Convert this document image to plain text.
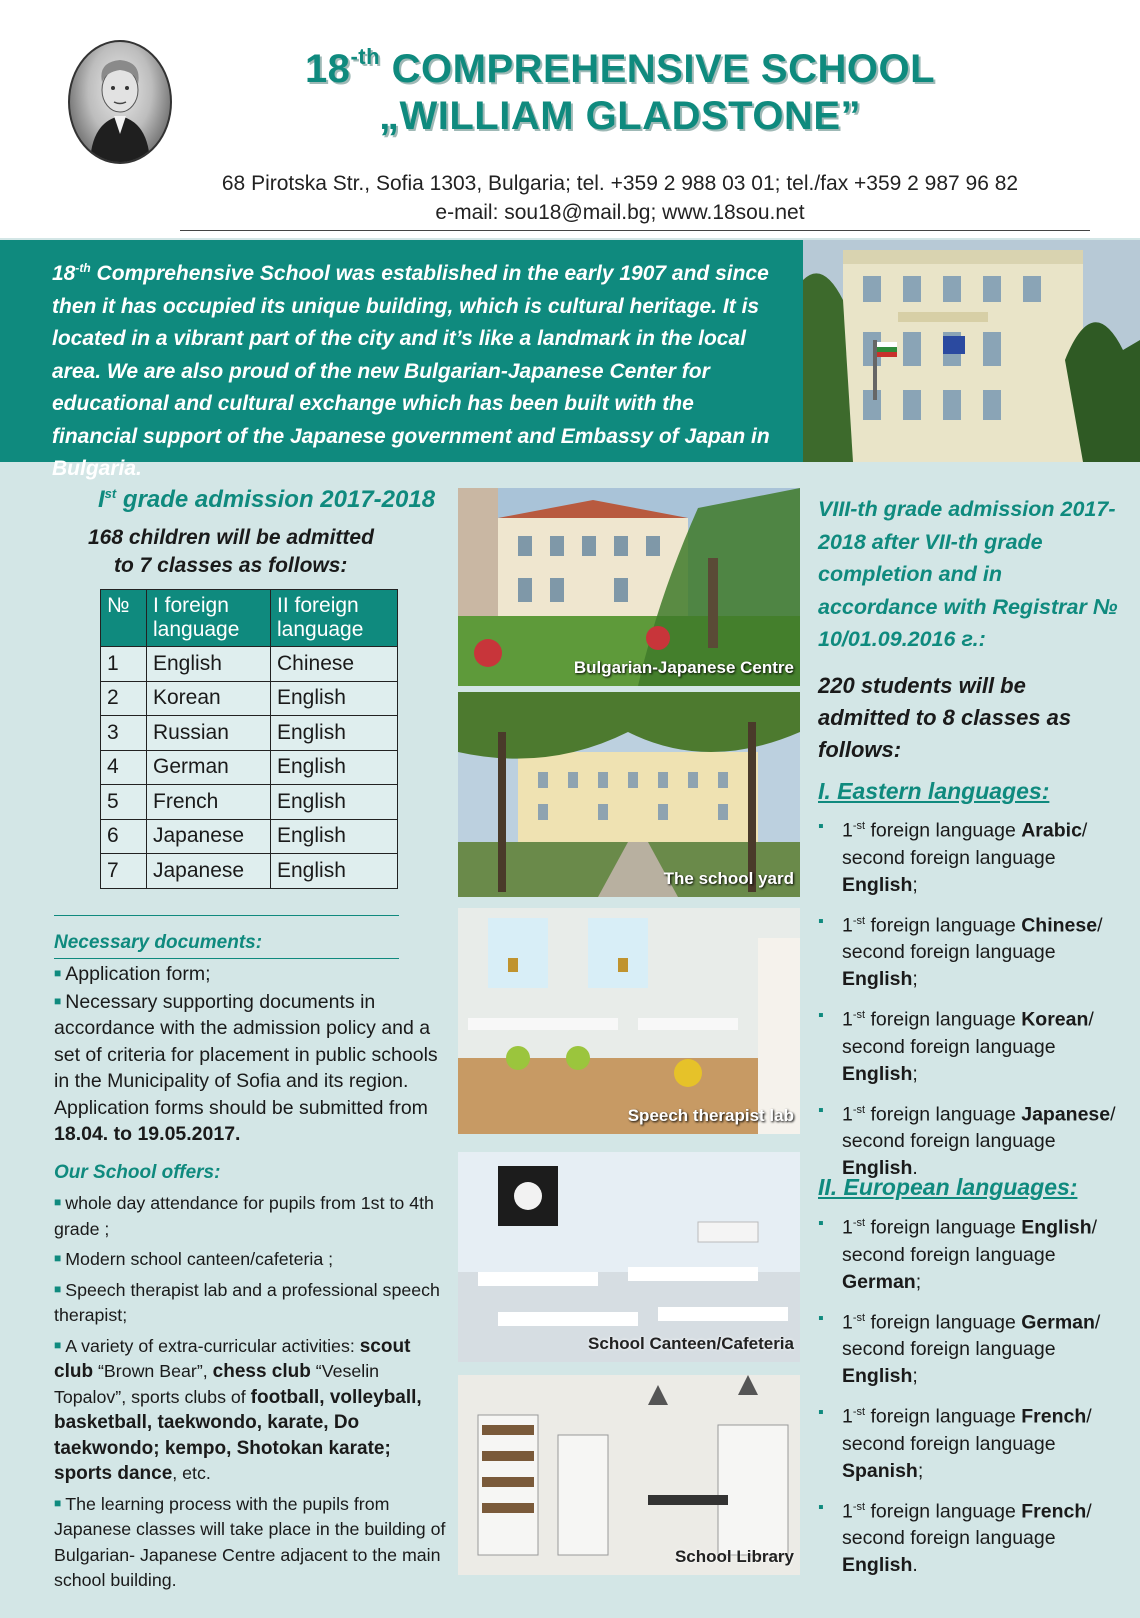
$18^{-th}$ COMPREHENSIVE SCHOOL
„WILLIAM GLADSTONE”
68 Pirotska Str., Sofia 1303, Bulgaria; tel. +359 2 988 03 01; tel./fax +359 2 987 96 82
e-mail: sou18@mail.bg; www.18sou.net
$18^{-th}$ Comprehensive School was established in the early 1907 and since then it has occupied its unique building, which is cultural heritage. It is located in a vibrant part of the city and it’s like a landmark in the local area. We are also proud of the new Bulgarian-Japanese Center for educational and cultural exchange which has been built with the financial support of the Japanese government and Embassy of Japan in Bulgaria.
Ist grade admission 2017-2018
168 children will be admitted
to 7 classes as follows:
№	I foreign language	II foreign language
1	English	Chinese
2	Korean	English
3	Russian	English
4	German	English
5	French	English
6	Japanese	English
7	Japanese	English
Necessary documents:
■ Application form;
■ Necessary supporting documents in accordance with the admission policy and a set of criteria for placement in public schools in the Municipality of Sofia and its region. Application forms should be submitted from 18.04. to 19.05.2017.
Our School offers:

■ whole day attendance for pupils from 1st to 4th grade ;

■ Modern school canteen/cafeteria ;

■ Speech therapist lab and a professional speech therapist;

■ A variety of extra-curricular activities: scout club “Brown Bear”, chess club “Veselin Topalov”, sports clubs of football, volleyball, basketball, taekwondo, karate, Do taekwondo; kempo, Shotokan karate; sports dance, etc.

■ The learning process with the pupils from Japanese classes will take place in the building of Bulgarian- Japanese Centre adjacent to the main school building.

Bulgarian-Japanese Centre
The school yard
Speech therapist lab
School Canteen/Cafeteria
School Library
VIII-th grade admission 2017-2018 after VII-th grade completion and in accordance with Registrar № 10/01.09.2016 г.:
220 students will be admitted to 8 classes as follows:
I. Eastern languages:
▪ $1^{-st}$ foreign language Arabic/ second foreign language English;
▪ $1^{-st}$ foreign language Chinese/ second foreign language English;
▪ $1^{-st}$ foreign language Korean/ second foreign language English;
▪ $1^{-st}$ foreign language Japanese/ second foreign language English.
II. European languages:
▪ $1^{-st}$ foreign language English/ second foreign language German;
▪ $1^{-st}$ foreign language German/ second foreign language English;
▪ $1^{-st}$ foreign language French/ second foreign language Spanish;
▪ $1^{-st}$ foreign language French/ second foreign language English.
